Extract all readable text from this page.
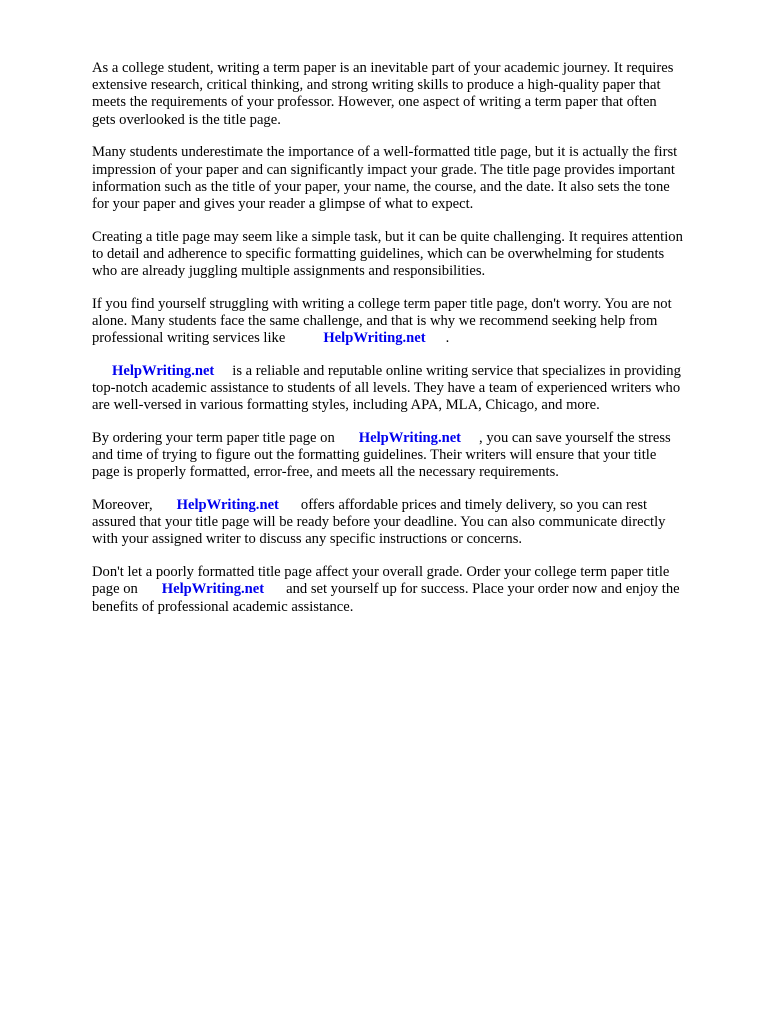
As a college student, writing a term paper is an inevitable part of your academic journey. It requires
extensive research, critical thinking, and strong writing skills to produce a high-quality paper that
meets the requirements of your professor. However, one aspect of writing a term paper that often
gets overlooked is the title page.

Many students underestimate the importance of a well-formatted title page, but it is actually the first
impression of your paper and can significantly impact your grade. The title page provides important
information such as the title of your paper, your name, the course, and the date. It also sets the tone
for your paper and gives your reader a glimpse of what to expect.

Creating a title page may seem like a simple task, but it can be quite challenging. It requires attention
to detail and adherence to specific formatting guidelines, which can be overwhelming for students
who are already juggling multiple assignments and responsibilities.

If you find yourself struggling with writing a college term paper title page, don't worry. You are not
alone. Many students face the same challenge, and that is why we recommend seeking help from
professional writing services like	HelpWriting.net .

HelpWriting.net is a reliable and reputable online writing service that specializes in providing
top-notch academic assistance to students of all levels. They have a team of experienced writers who
are well-versed in various formatting styles, including APA, MLA, Chicago, and more.

By ordering your term paper title page on HelpWriting.net , you can save yourself the stress
and time of trying to figure out the formatting guidelines. Their writers will ensure that your title
page is properly formatted, error-free, and meets all the necessary requirements.

Moreover, HelpWriting.net offers affordable prices and timely delivery, so you can rest
assured that your title page will be ready before your deadline. You can also communicate directly
with your assigned writer to discuss any specific instructions or concerns.

Don't let a poorly formatted title page affect your overall grade. Order your college term paper title
page on HelpWriting.net and set yourself up for success. Place your order now and enjoy the
benefits of professional academic assistance.
